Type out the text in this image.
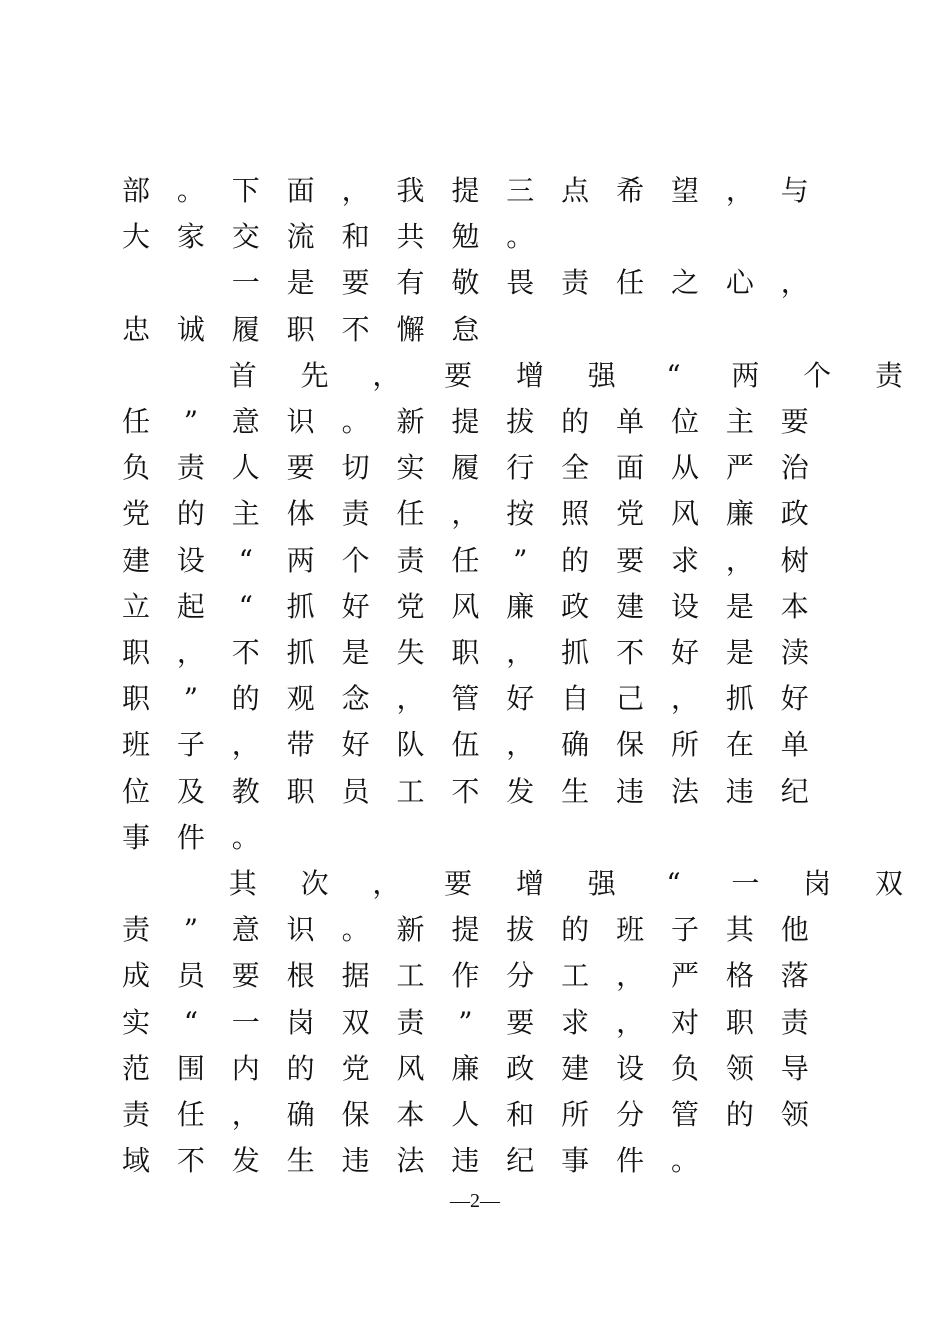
部 。 下 面 ， 我 提 三 点 希 望 ， 与
大 家 交 流 和 共 勉 。
一 是 要 有 敬 畏 责 任 之 心 ，
忠 诚 履 职 不 懈 怠
首 先 ， 要 增 强	“	两 个 责
任	”	意 识 。 新 提 拔 的 单 位 主 要
负 责 人 要 切 实 履 行 全 面 从 严 治
党 的 主 体 责 任 ， 按 照 党 风 廉 政
建 设	“	两 个 责 任	”	的 要 求 ， 树
立 起	“	抓 好 党 风 廉 政 建 设 是 本
职 ， 不 抓 是 失 职 ， 抓 不 好 是 渎
职	”	的 观 念 ， 管 好 自 己 ， 抓 好
班 子 ， 带 好 队 伍 ， 确 保 所 在 单
位 及 教 职 员 工 不 发 生 违 法 违 纪
事 件 。
其 次 ， 要 增 强	“	一 岗 双
责	”	意 识 。 新 提 拔 的 班 子 其 他
成 员 要 根 据 工 作 分 工 ， 严 格 落
实	“	一 岗 双 责	”	要 求 ， 对 职 责
范 围 内 的 党 风 廉 政 建 设 负 领 导
责 任 ， 确 保 本 人 和 所 分 管 的 领
域 不 发 生 违 法 违 纪 事 件 。
—2—
